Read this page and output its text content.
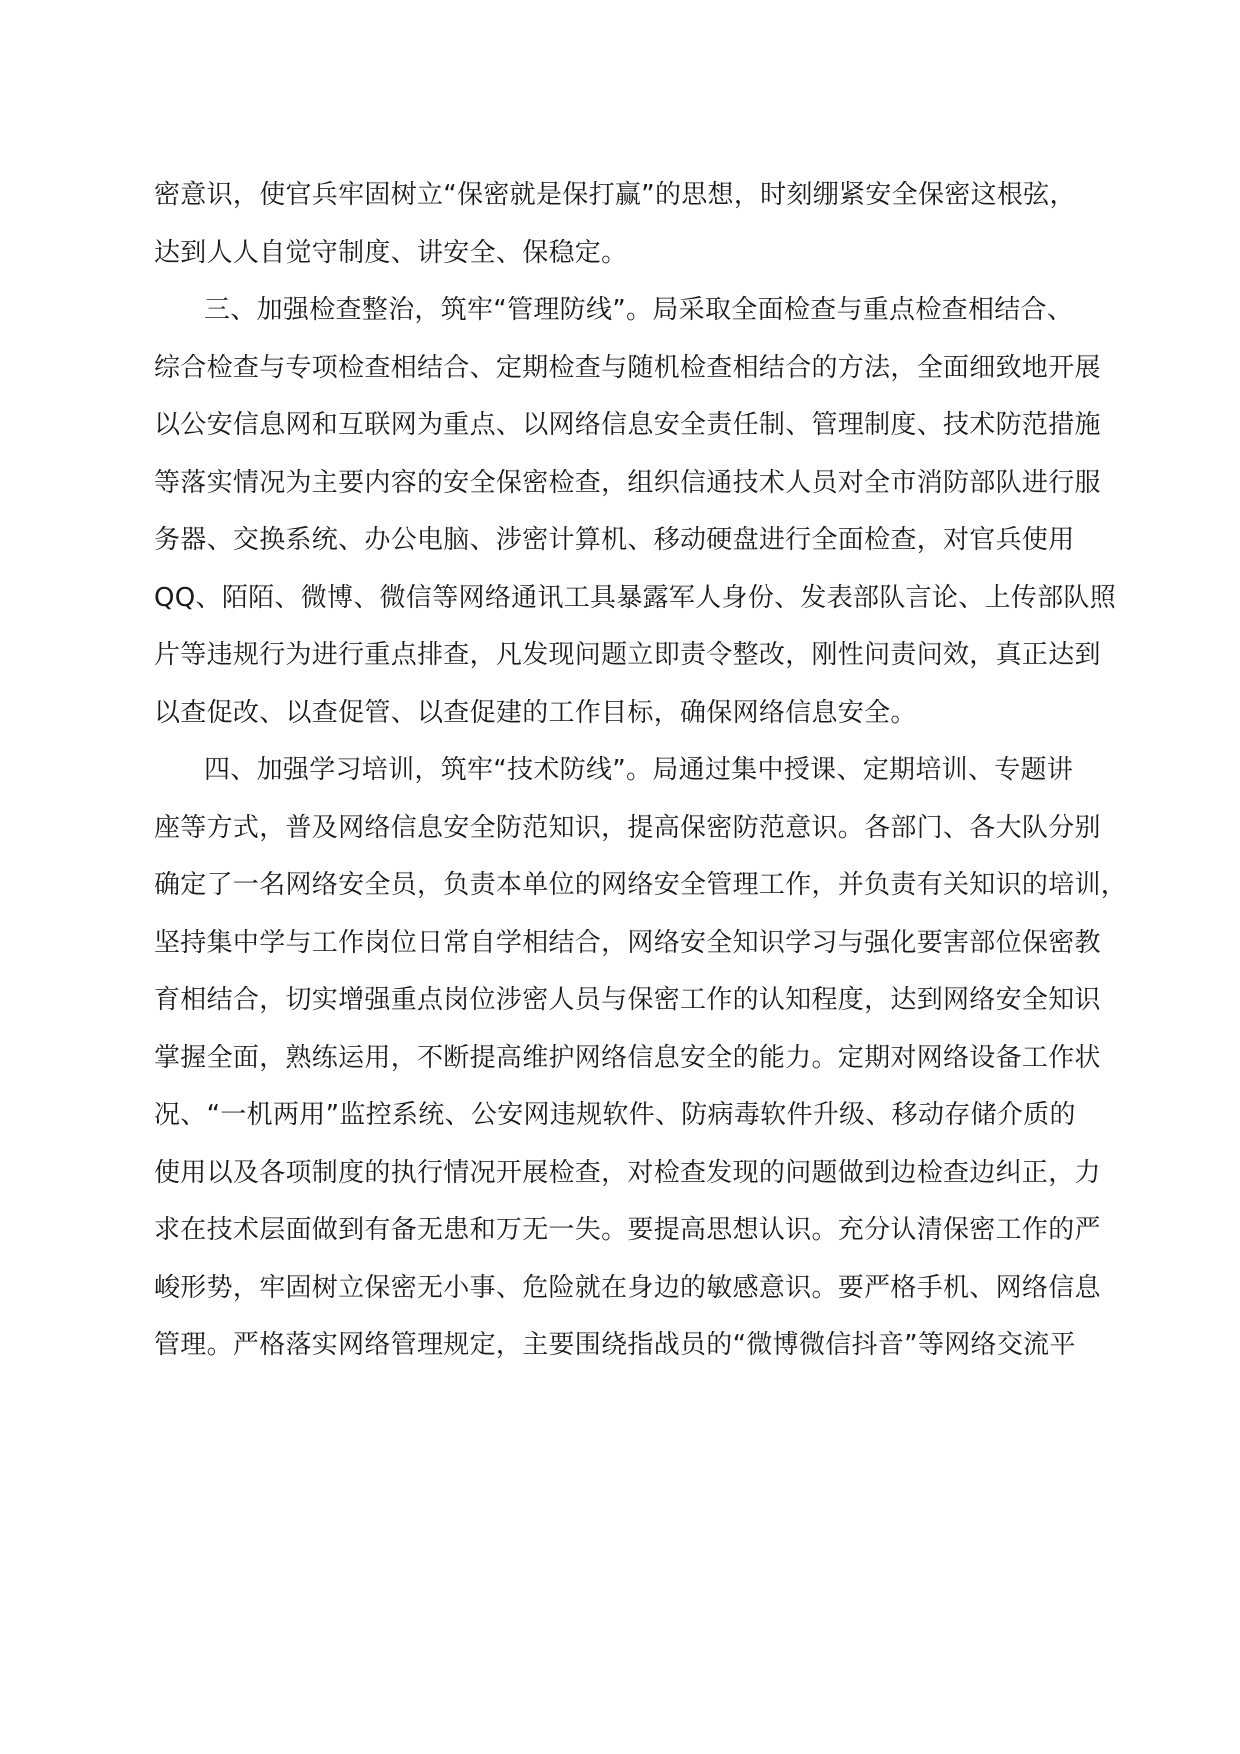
密意识，使官兵牢固树立“保密就是保打赢”的思想，时刻绷紧安全保密这根弦，
达到人人自觉守制度、讲安全、保稳定。
三、加强检查整治，筑牢“管理防线”。局采取全面检查与重点检查相结合、
综合检查与专项检查相结合、定期检查与随机检查相结合的方法，全面细致地开展
以公安信息网和互联网为重点、以网络信息安全责任制、管理制度、技术防范措施
等落实情况为主要内容的安全保密检查，组织信通技术人员对全市消防部队进行服
务器、交换系统、办公电脑、涉密计算机、移动硬盘进行全面检查，对官兵使用
QQ、陌陌、微博、微信等网络通讯工具暴露军人身份、发表部队言论、上传部队照
片等违规行为进行重点排查，凡发现问题立即责令整改，刚性问责问效，真正达到
以查促改、以查促管、以查促建的工作目标，确保网络信息安全。
四、加强学习培训，筑牢“技术防线”。局通过集中授课、定期培训、专题讲
座等方式，普及网络信息安全防范知识，提高保密防范意识。各部门、各大队分别
确定了一名网络安全员，负责本单位的网络安全管理工作，并负责有关知识的培训，
坚持集中学与工作岗位日常自学相结合，网络安全知识学习与强化要害部位保密教
育相结合，切实增强重点岗位涉密人员与保密工作的认知程度，达到网络安全知识
掌握全面，熟练运用，不断提高维护网络信息安全的能力。定期对网络设备工作状
况、“一机两用”监控系统、公安网违规软件、防病毒软件升级、移动存储介质的
使用以及各项制度的执行情况开展检查，对检查发现的问题做到边检查边纠正，力
求在技术层面做到有备无患和万无一失。要提高思想认识。充分认清保密工作的严
峻形势，牢固树立保密无小事、危险就在身边的敏感意识。要严格手机、网络信息
管理。严格落实网络管理规定，主要围绕指战员的“微博微信抖音”等网络交流平
